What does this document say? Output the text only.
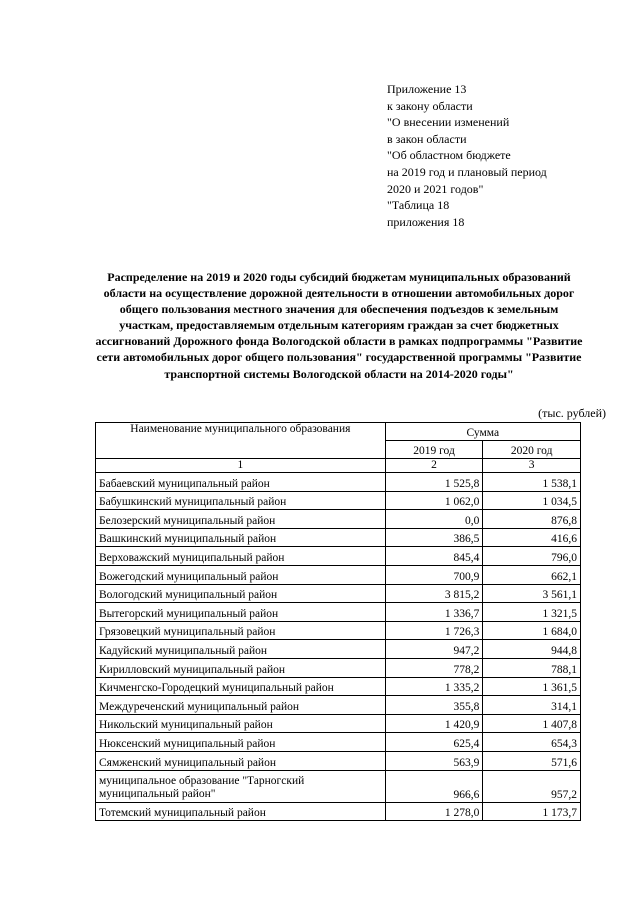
Приложение 13
к закону области
"О внесении изменений
в закон области
"Об областном бюджете
на 2019 год и плановый период
2020 и 2021 годов"
"Таблица 18
приложения 18
Распределение на 2019 и 2020 годы субсидий бюджетам муниципальных образований области на осуществление дорожной деятельности в отношении автомобильных дорог общего пользования местного значения для обеспечения подъездов к земельным участкам, предоставляемым отдельным категориям граждан за счет бюджетных ассигнований Дорожного фонда Вологодской области в рамках подпрограммы "Развитие сети автомобильных дорог общего пользования" государственной программы "Развитие транспортной системы Вологодской области на 2014-2020 годы"
(тыс. рублей)
Наименование муниципального образования	Сумма	
	2019 год	2020 год
1	2	3
Бабаевский муниципальный район	1 525,8	1 538,1
Бабушкинский муниципальный район	1 062,0	1 034,5
Белозерский муниципальный район	0,0	876,8
Вашкинский муниципальный район	386,5	416,6
Верховажский муниципальный район	845,4	796,0
Вожегодский муниципальный район	700,9	662,1
Вологодский муниципальный район	3 815,2	3 561,1
Вытегорский муниципальный район	1 336,7	1 321,5
Грязовецкий муниципальный район	1 726,3	1 684,0
Кадуйский муниципальный район	947,2	944,8
Кирилловский муниципальный район	778,2	788,1
Кичменгско-Городецкий муниципальный район	1 335,2	1 361,5
Междуреченский муниципальный район	355,8	314,1
Никольский муниципальный район	1 420,9	1 407,8
Нюксенский муниципальный район	625,4	654,3
Сямженский муниципальный район	563,9	571,6
муниципальное образование "Тарногский муниципальный район"	966,6	957,2
Тотемский муниципальный район	1 278,0	1 173,7
